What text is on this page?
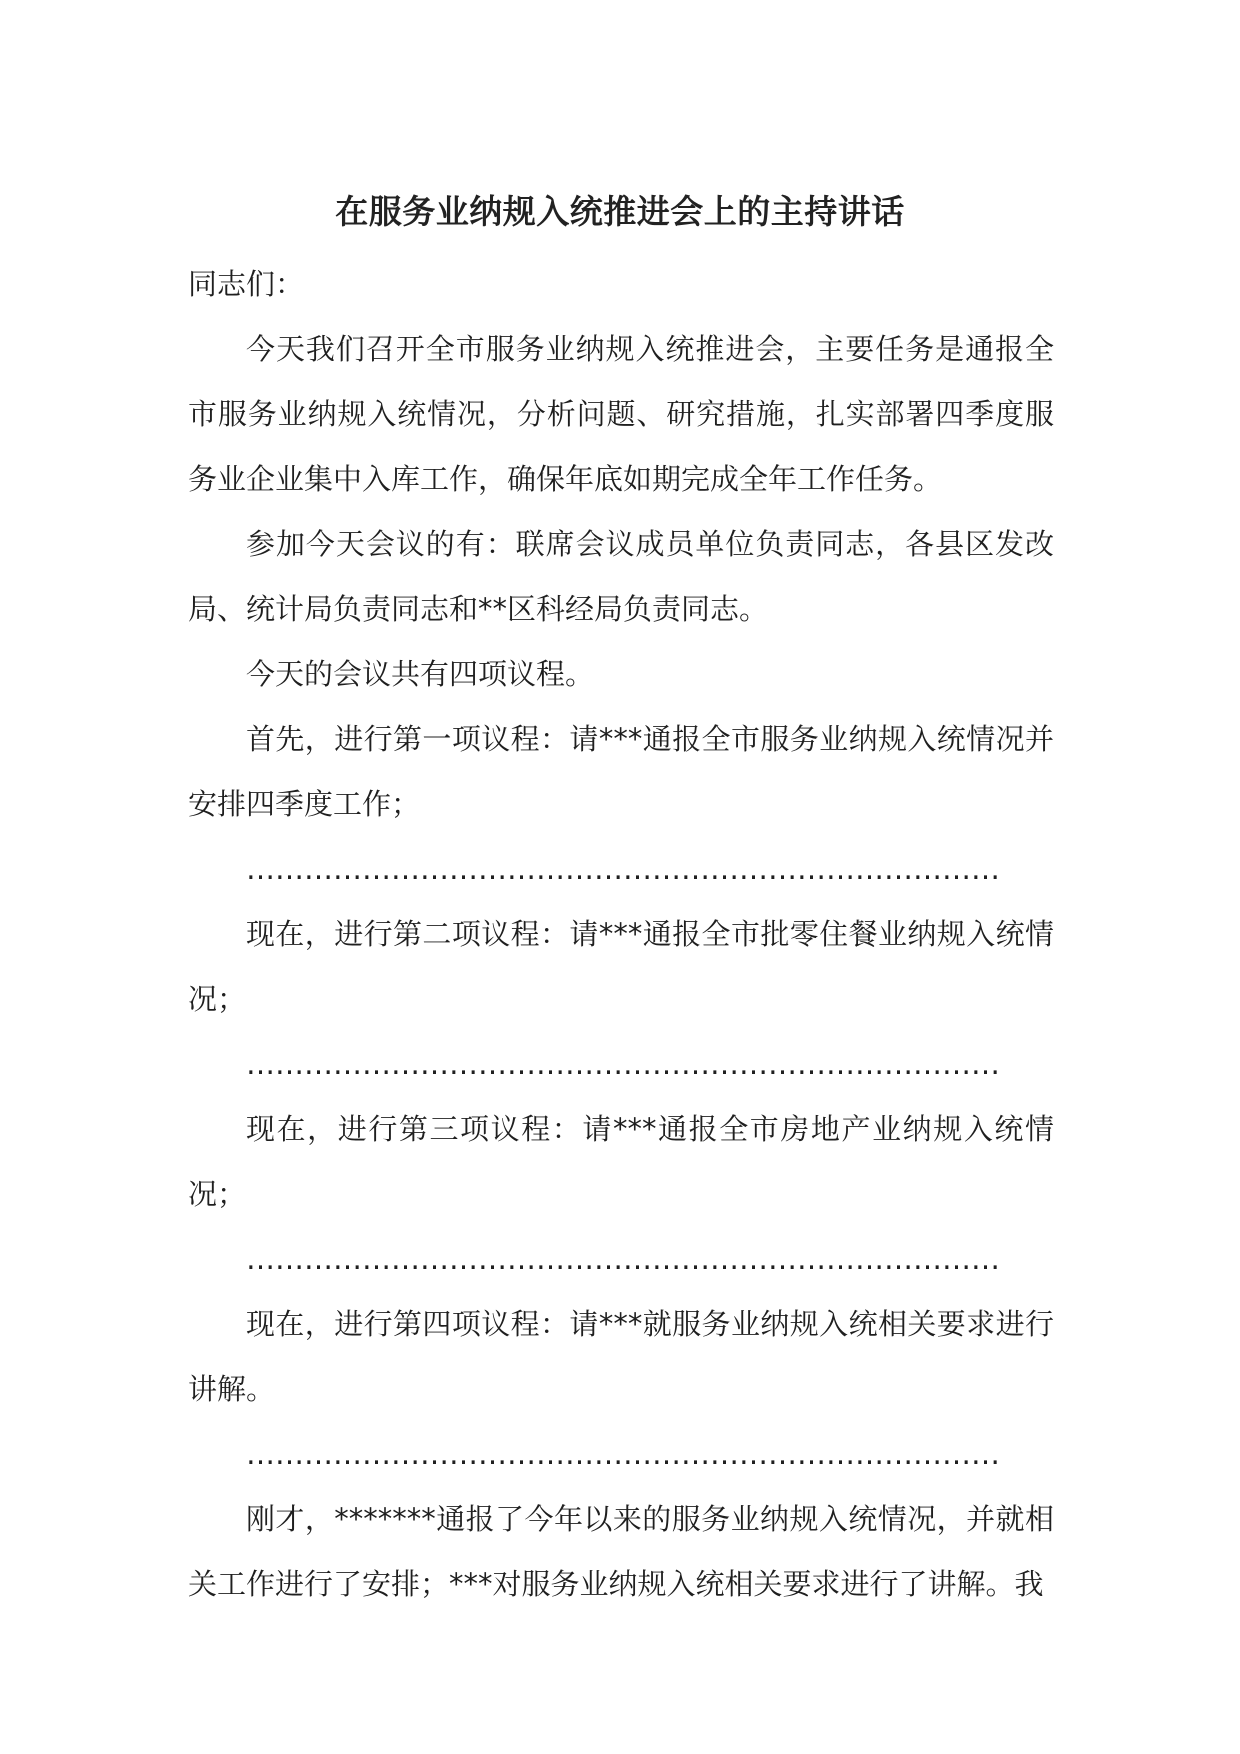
在服务业纳规入统推进会上的主持讲话

同志们：

今天我们召开全市服务业纳规入统推进会，主要任务是通报全市服务业纳规入统情况，分析问题、研究措施，扎实部署四季度服务业企业集中入库工作，确保年底如期完成全年工作任务。

参加今天会议的有：联席会议成员单位负责同志，各县区发改局、统计局负责同志和**区科经局负责同志。

今天的会议共有四项议程。

首先，进行第一项议程：请***通报全市服务业纳规入统情况并安排四季度工作；

……………………………………………………………………

现在，进行第二项议程：请***通报全市批零住餐业纳规入统情况；

……………………………………………………………………

现在，进行第三项议程：请***通报全市房地产业纳规入统情况；

……………………………………………………………………

现在，进行第四项议程：请***就服务业纳规入统相关要求进行讲解。

……………………………………………………………………

刚才，*******通报了今年以来的服务业纳规入统情况，并就相关工作进行了安排；***对服务业纳规入统相关要求进行了讲解。我
